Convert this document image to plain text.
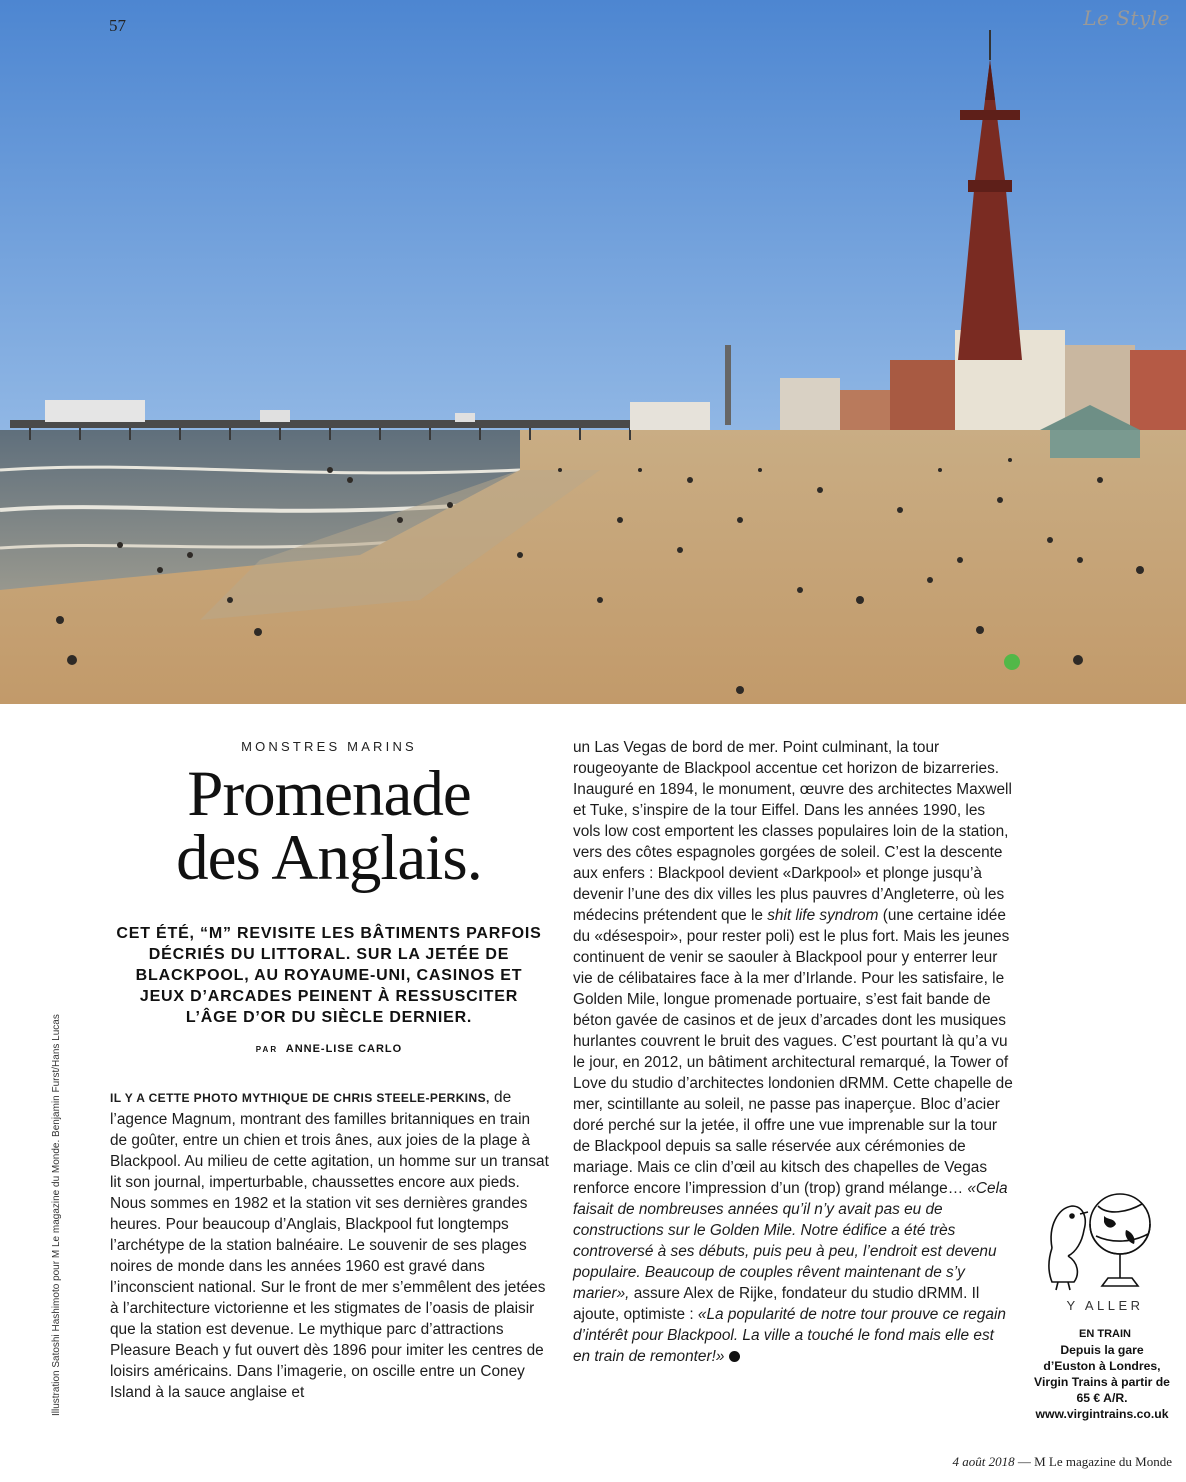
57	Le Style
Illustration Satoshi Hashimoto pour M Le magazine du Monde. Benjamin Furst/Hans Lucas
MONSTRES MARINS
Promenade
des Anglais.

CET ÉTÉ, “M” REVISITE LES BÂTIMENTS PARFOIS DÉCRIÉS DU LITTORAL. SUR LA JETÉE DE BLACKPOOL, AU ROYAUME-UNI, CASINOS ET JEUX D’ARCADES PEINENT À RESSUSCITER L’ÂGE D’OR DU SIÈCLE DERNIER.

PAR ANNE-LISE CARLO

IL Y A CETTE PHOTO MYTHIQUE DE CHRIS STEELE-PERKINS, de l’agence Magnum, montrant des familles britanniques en train de goûter, entre un chien et trois ânes, aux joies de la plage à Blackpool. Au milieu de cette agitation, un homme sur un transat lit son journal, imperturbable, chaussettes encore aux pieds. Nous sommes en 1982 et la station vit ses dernières grandes heures. Pour beaucoup d’Anglais, Blackpool fut longtemps l’archétype de la station balnéaire. Le souvenir de ses plages noires de monde dans les années 1960 est gravé dans l’inconscient national. Sur le front de mer s’emmêlent des jetées à l’architecture victorienne et les stigmates de l’oasis de plaisir que la station est devenue. Le mythique parc d’attractions Pleasure Beach y fut ouvert dès 1896 pour imiter les centres de loisirs américains. Dans l’imagerie, on oscille entre un Coney Island à la sauce anglaise et

un Las Vegas de bord de mer. Point culminant, la tour rougeoyante de Blackpool accentue cet horizon de bizarreries. Inauguré en 1894, le monument, œuvre des architectes Maxwell et Tuke, s’inspire de la tour Eiffel. Dans les années 1990, les vols low cost emportent les classes populaires loin de la station, vers des côtes espagnoles gorgées de soleil. C’est la descente aux enfers : Blackpool devient «Darkpool» et plonge jusqu’à devenir l’une des dix villes les plus pauvres d’Angleterre, où les médecins prétendent que le shit life syndrom (une certaine idée du «désespoir», pour rester poli) est le plus fort. Mais les jeunes continuent de venir se saouler à Blackpool pour y enterrer leur vie de célibataires face à la mer d’Irlande. Pour les satisfaire, le Golden Mile, longue promenade portuaire, s’est fait bande de béton gavée de casinos et de jeux d’arcades dont les musiques hurlantes couvrent le bruit des vagues. C’est pourtant là qu’a vu le jour, en 2012, un bâtiment architectural remarqué, la Tower of Love du studio d’architectes londonien dRMM. Cette chapelle de mer, scintillante au soleil, ne passe pas inaperçue. Bloc d’acier doré perché sur la jetée, il offre une vue imprenable sur la tour de Blackpool depuis sa salle réservée aux cérémonies de mariage. Mais ce clin d’œil au kitsch des chapelles de Vegas renforce encore l’impression d’un (trop) grand mélange… «Cela faisait de nombreuses années qu’il n’y avait pas eu de constructions sur le Golden Mile. Notre édifice a été très controversé à ses débuts, puis peu à peu, l’endroit est devenu populaire. Beaucoup de couples rêvent maintenant de s’y marier», assure Alex de Rijke, fondateur du studio dRMM. Il ajoute, optimiste : «La popularité de notre tour prouve ce regain d’intérêt pour Blackpool. La ville a touché le fond mais elle est en train de remonter!»

Y ALLER
EN TRAIN

Depuis la gare d’Euston à Londres, Virgin Trains à partir de 65 € A/R. www.virgintrains.co.uk

4 août 2018 — M Le magazine du Monde
